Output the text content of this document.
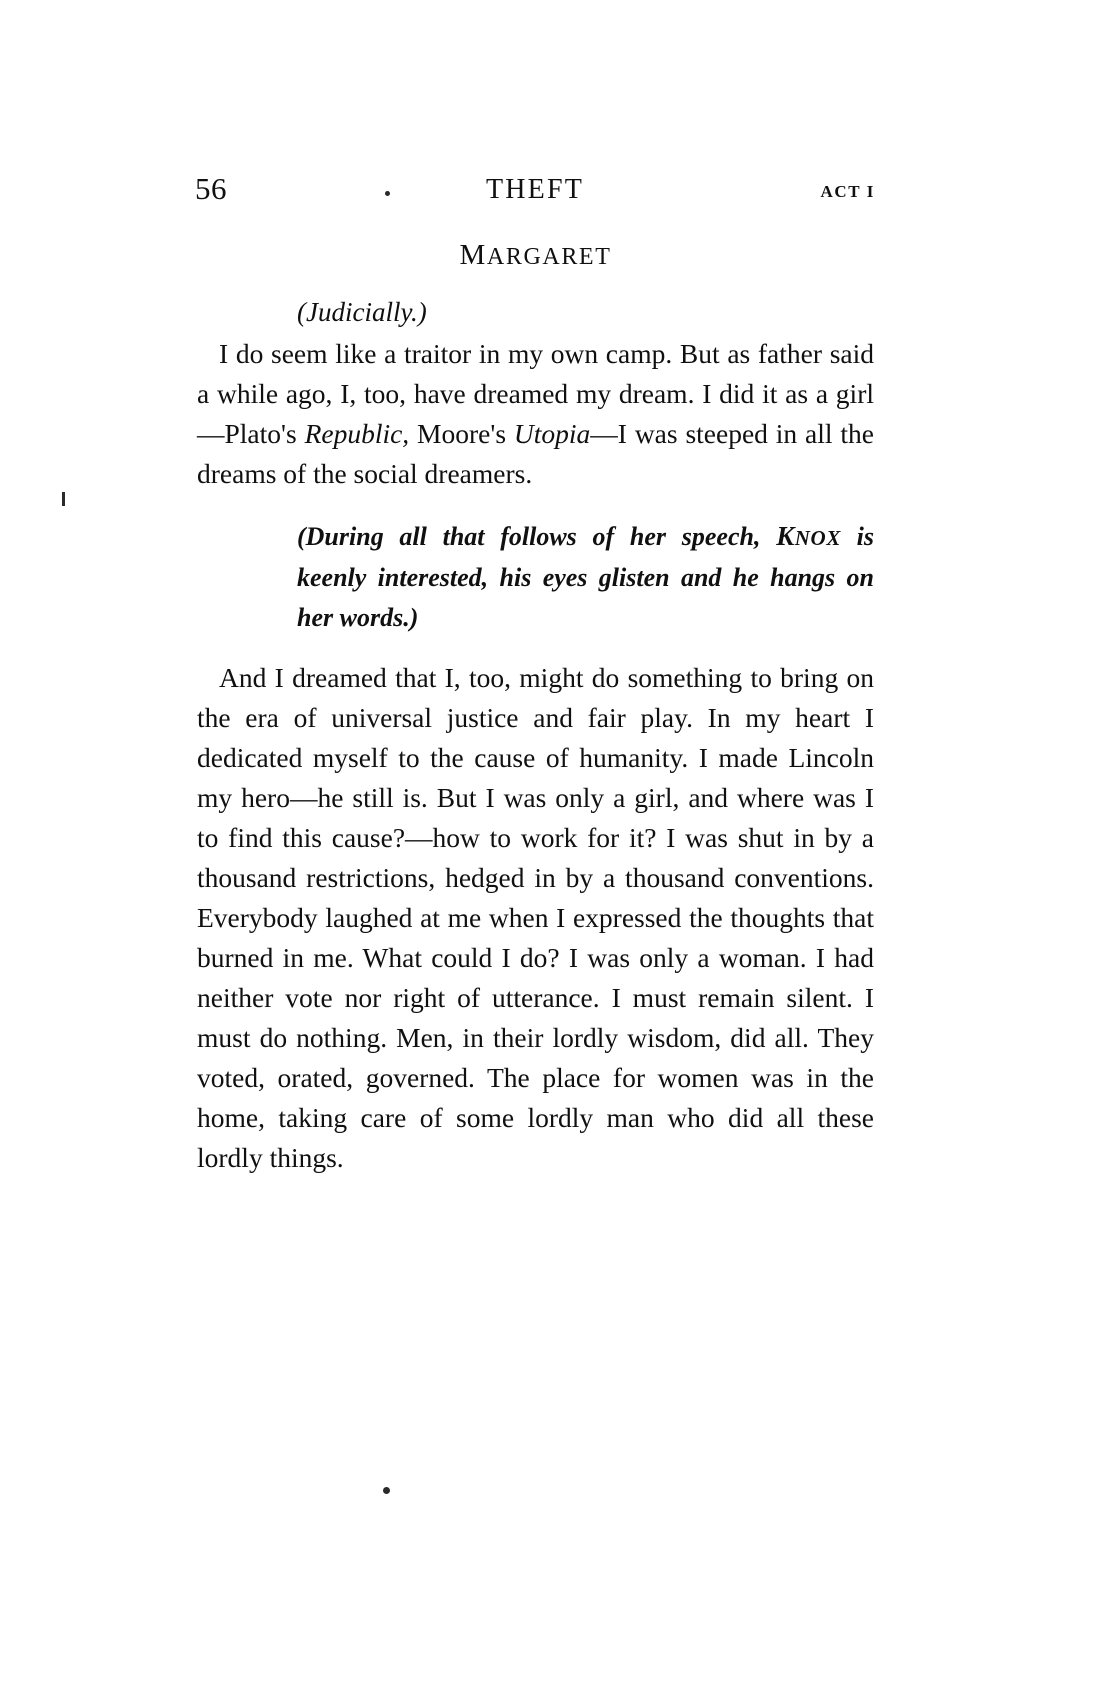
56	THEFT	ACT I
MARGARET

(Judicially.)

I do seem like a traitor in my own camp. But as father said a while ago, I, too, have dreamed my dream. I did it as a girl—Plato's Republic, Moore's Utopia—I was steeped in all the dreams of the social dreamers.

(During all that follows of her speech, KNOX is keenly interested, his eyes glisten and he hangs on her words.)

And I dreamed that I, too, might do something to bring on the era of universal justice and fair play. In my heart I dedicated myself to the cause of humanity. I made Lincoln my hero—he still is. But I was only a girl, and where was I to find this cause?—how to work for it? I was shut in by a thousand restrictions, hedged in by a thousand conventions. Everybody laughed at me when I expressed the thoughts that burned in me. What could I do? I was only a woman. I had neither vote nor right of utterance. I must remain silent. I must do nothing. Men, in their lordly wisdom, did all. They voted, orated, governed. The place for women was in the home, taking care of some lordly man who did all these lordly things.
